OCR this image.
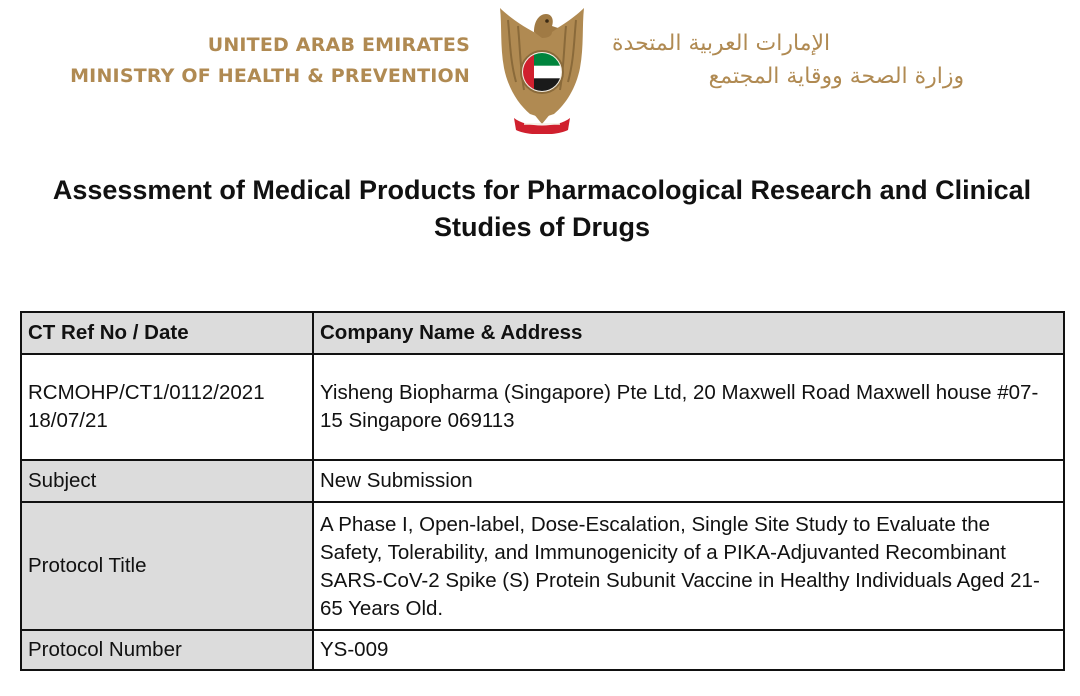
UNITED ARAB EMIRATES
MINISTRY OF HEALTH & PREVENTION
الإمارات العربية المتحدة
وزارة الصحة ووقاية المجتمع
Assessment of Medical Products for Pharmacological Research and Clinical Studies of Drugs
CT Ref No / Date	Company Name & Address

RCMOHP/CT1/0112/2021
18/07/21	Yisheng Biopharma (Singapore) Pte Ltd, 20 Maxwell Road Maxwell house #07-15 Singapore 069113
Subject	New Submission
Protocol Title	A Phase I, Open-label, Dose-Escalation, Single Site Study to Evaluate the Safety, Tolerability, and Immunogenicity of a PIKA-Adjuvanted Recombinant SARS-CoV-2 Spike (S) Protein Subunit Vaccine in Healthy Individuals Aged 21-65 Years Old.
Protocol Number	YS-009
